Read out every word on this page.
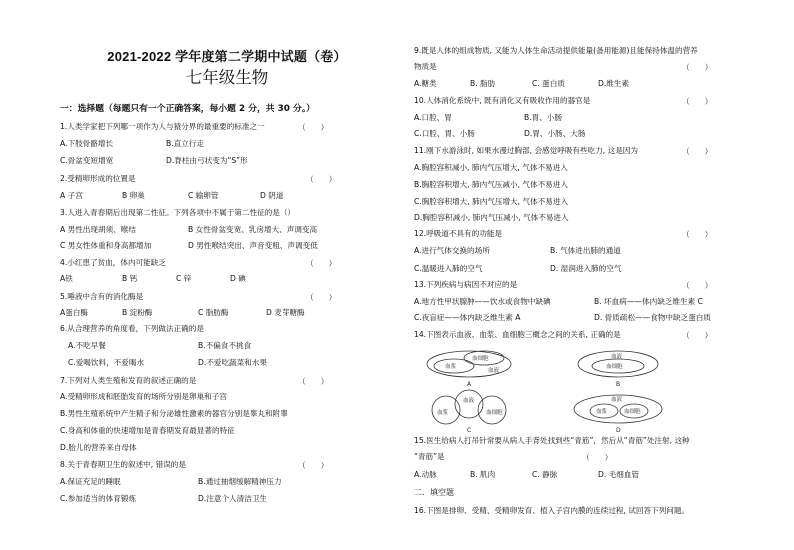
2021-2022 学年度第二学期中试题（卷）
七年级生物
一：选择题（每题只有一个正确答案，每小题 2 分，共 30 分。）
1.人类学家把下列哪一项作为人与猿分界的最重要的标准之一	（　　）
A.下肢骨骼增长	B.直立行走
C.骨盆变短增宽	D.脊柱由弓状变为“S”形
2.受精卵形成的位置是	（　　）
A 子宫	B 卵巢	C 输卵管	D 阴道
3.人进入青春期后出现第二性征。下列各项中不属于第二性征的是（）
A 男性出现胡须、喉结	B 女性骨盆变宽、乳房增大、声调变高
C 男女性体重和身高都增加	D 男性喉结突出、声音变粗、声调变低
4.小红患了贫血，体内可能缺乏	（　　）
A铁	B 钙	C 锌	D 碘
5.唾液中含有的消化酶是	（　　）
A蛋白酶	B 淀粉酶	C 脂肪酶	D 麦芽糖酶
6.从合理营养的角度看，下列做法正确的是
A.不吃早餐	B.不偏食不挑食
C.爱喝饮料，不爱喝水	D.不爱吃蔬菜和水果
7.下列对人类生殖和发育的叙述正确的是	（　　）
A.受精卵形成和胚胎发育的场所分别是卵巢和子宫
B.男性生殖系统中产生精子和分泌雄性激素的器官分别是睾丸和附睾
C.身高和体重的快速增加是青春期发育最显著的特征
D.胎儿的营养来自母体
8.关于青春期卫生的叙述中, 错误的是	（　　）
A.保证充足的睡眠	B.通过抽烟缓解精神压力
C.参加适当的体育锻炼	D.注意个人清洁卫生
9.既是人体的组成物质, 又能为人体生命活动提供能量(备用能源)且能保持体温的营养
物质是	（　　）
A.糖类	B. 脂肪	C. 蛋白质	D.维生素
10.人体消化系统中, 既有消化又有吸收作用的器官是	（　　）
A.口腔、胃	B.胃、小肠
C.口腔、胃、小肠	D.胃、小肠、大肠
11.刚下水游泳时, 如果水漫过胸部, 会感觉呼吸有些吃力, 这是因为	（　　）
A.胸腔容积减小, 肺内气压增大, 气体不易进入
B.胸腔容积增大, 肺内气压减小, 气体不易进入
C.胸腔容积增大, 肺内气压增大, 气体不易进入
D.胸腔容积减小, 肺内气压减小, 气体不易进入
12.呼吸道不具有的功能是	（　　）
A.进行气体交换的场所	B. 气体进出肺的通道
C.温暖进入肺的空气	D. 湿润进入肺的空气
13.下列疾病与病因不对应的是	（　　）
A.地方性甲状腺肿——饮水或食物中缺碘	B. 坏血病——体内缺乏维生素 C
C.夜盲症——体内缺乏维生素 A	D. 骨质疏松——食物中缺乏蛋白质
14.下图表示血液、血浆、血细胞三概念之间的关系, 正确的是	（　　）
血细胞
血浆
血液
A
血液
血细胞
B
血液
血浆	血细胞
C
血液
血浆	血细胞
D
15.医生给病人打吊针常要从病人手背处找到些“青筋”，然后从“青筋”处注射, 这种
“青筋”是	（　　）
A.动脉	B. 肌肉	C. 静脉	D. 毛细血管
二．填空题
16.下图是排卵、受精、受精卵发育、植入子宫内膜的连续过程, 试回答下列问题。
